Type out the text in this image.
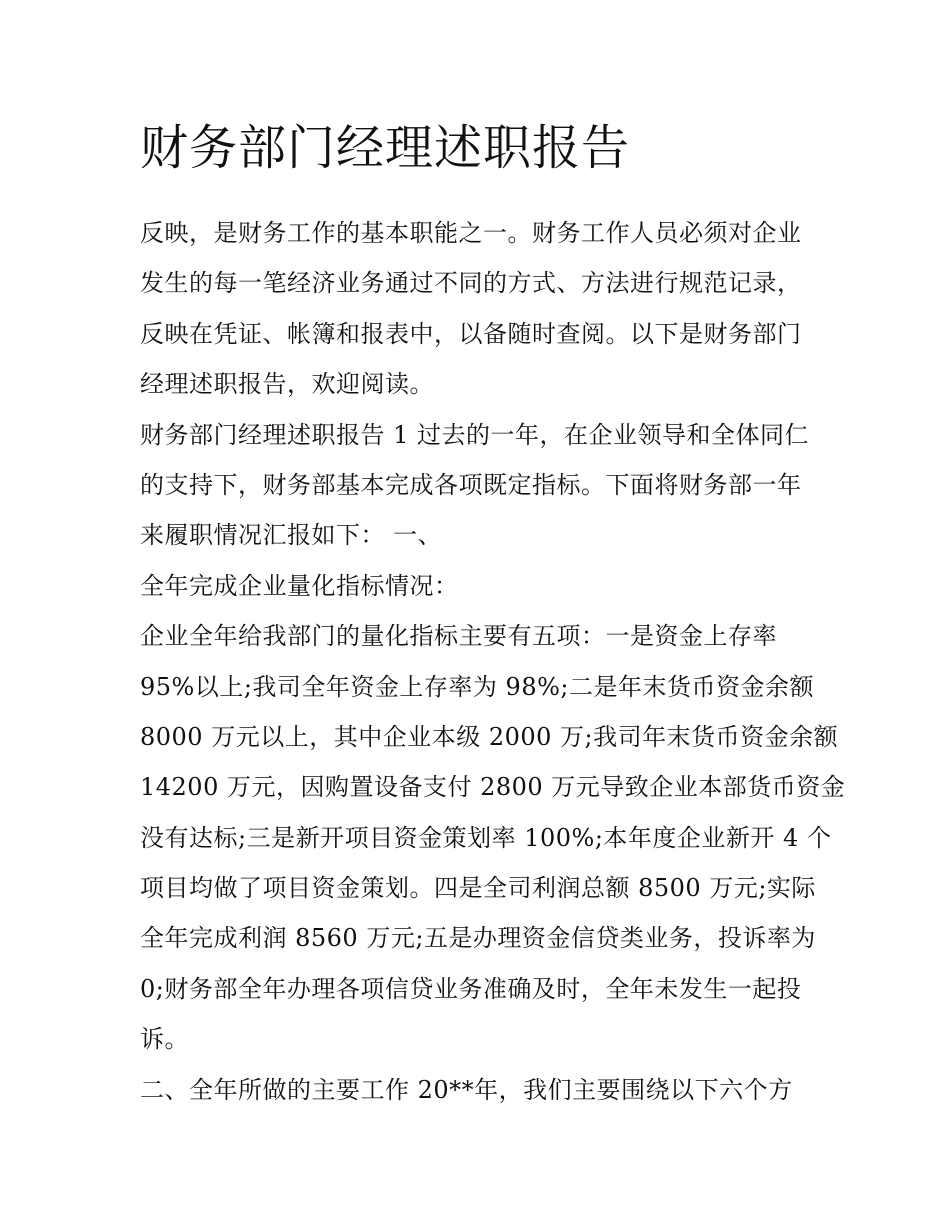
财务部门经理述职报告
反映，是财务工作的基本职能之一。财务工作人员必须对企业
发生的每一笔经济业务通过不同的方式、方法进行规范记录，
反映在凭证、帐簿和报表中，以备随时查阅。以下是财务部门
经理述职报告，欢迎阅读。
财务部门经理述职报告 1 过去的一年，在企业领导和全体同仁
的支持下，财务部基本完成各项既定指标。下面将财务部一年
来履职情况汇报如下： 一、
全年完成企业量化指标情况：
企业全年给我部门的量化指标主要有五项：一是资金上存率
95%以上;我司全年资金上存率为 98%;二是年末货币资金余额
8000 万元以上，其中企业本级 2000 万;我司年末货币资金余额
14200 万元，因购置设备支付 2800 万元导致企业本部货币资金
没有达标;三是新开项目资金策划率 100%;本年度企业新开 4 个
项目均做了项目资金策划。四是全司利润总额 8500 万元;实际
全年完成利润 8560 万元;五是办理资金信贷类业务，投诉率为
0;财务部全年办理各项信贷业务准确及时，全年未发生一起投
诉。
二、全年所做的主要工作 20**年，我们主要围绕以下六个方
